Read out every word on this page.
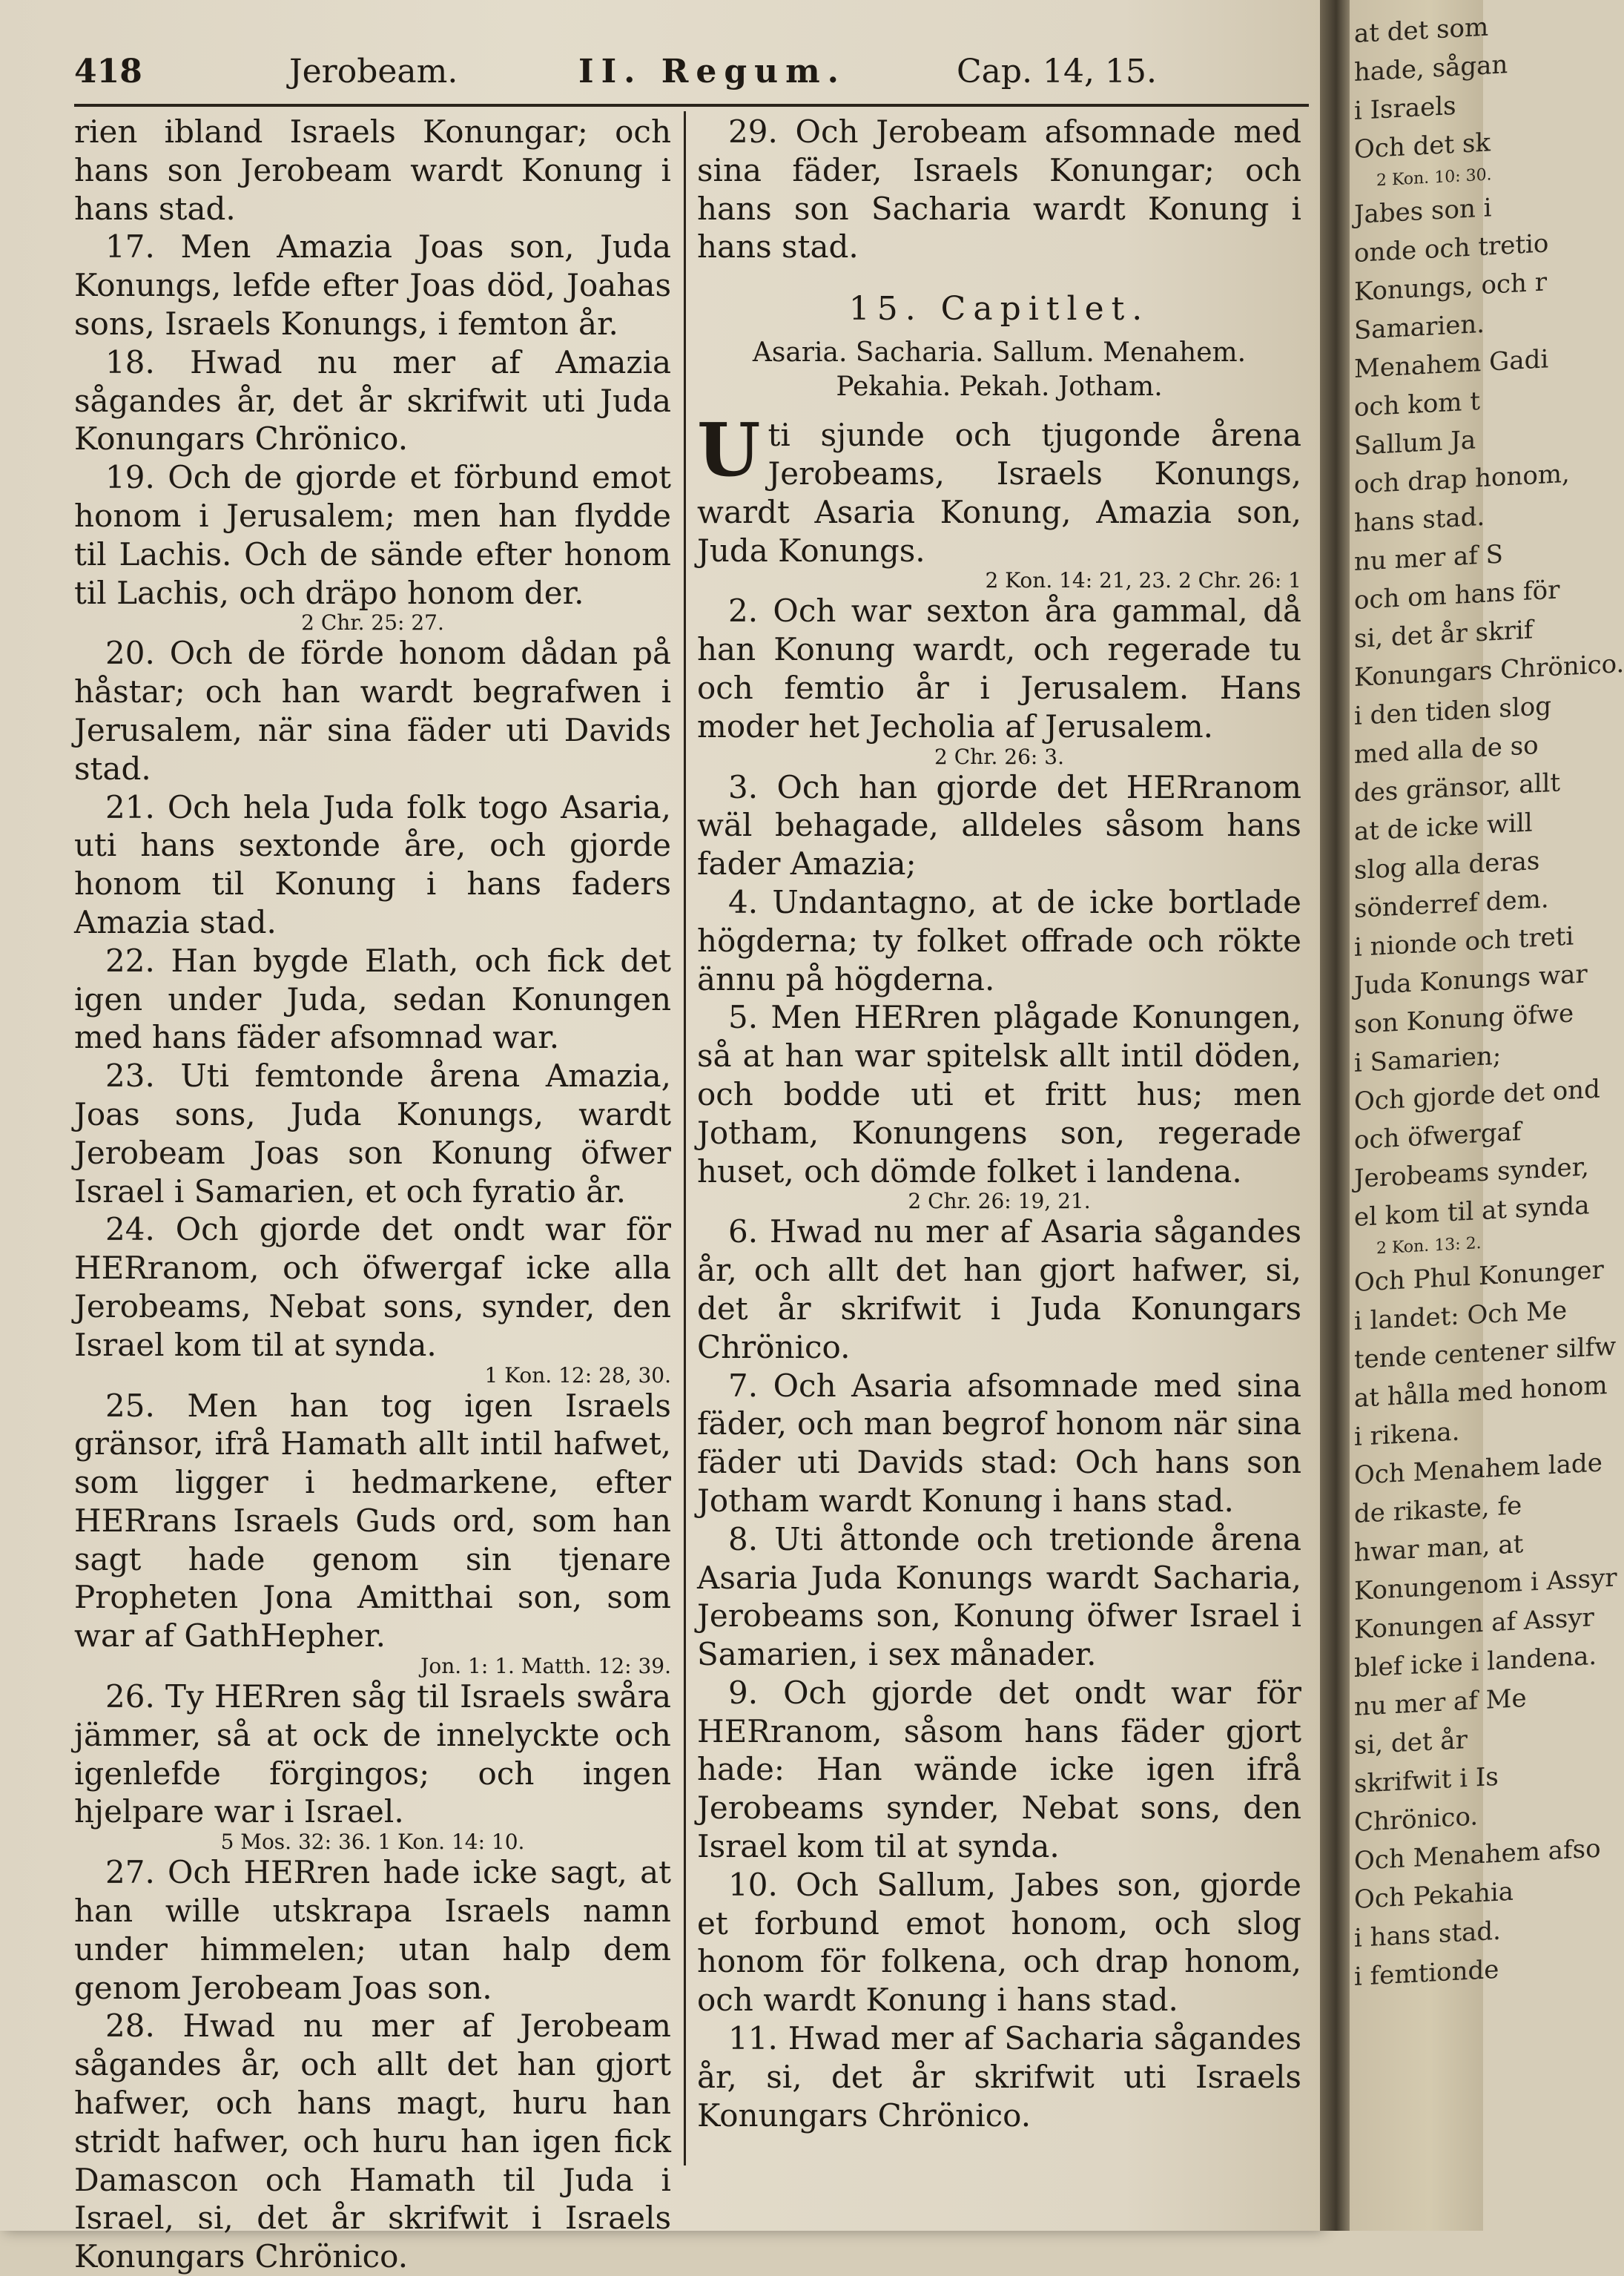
418	Jerobeam.	II. Regum.	Cap. 14, 15.

rien ibland Israels Konungar; och hans son Jerobeam wardt Konung i hans stad.

17. Men Amazia Joas son, Juda Konungs, lefde efter Joas död, Joahas sons, Israels Konungs, i femton år.

18. Hwad nu mer af Amazia sågandes år, det år skrifwit uti Juda Konungars Chrönico.

19. Och de gjorde et förbund emot honom i Jerusalem; men han flydde til Lachis. Och de sände efter honom til Lachis, och dräpo honom der.

2 Chr. 25: 27.

20. Och de förde honom dådan på håstar; och han wardt begrafwen i Jerusalem, när sina fäder uti Davids stad.

21. Och hela Juda folk togo Asaria, uti hans sextonde åre, och gjorde honom til Konung i hans faders Amazia stad.

22. Han bygde Elath, och fick det igen under Juda, sedan Konungen med hans fäder afsomnad war.

23. Uti femtonde årena Amazia, Joas sons, Juda Konungs, wardt Jerobeam Joas son Konung öfwer Israel i Samarien, et och fyratio år.

24. Och gjorde det ondt war för HERranom, och öfwergaf icke alla Jerobeams, Nebat sons, synder, den Israel kom til at synda.

1 Kon. 12: 28, 30.

25. Men han tog igen Israels gränsor, ifrå Hamath allt intil hafwet, som ligger i hedmarkene, efter HERrans Israels Guds ord, som han sagt hade genom sin tjenare Propheten Jona Amitthai son, som war af GathHepher.

Jon. 1: 1. Matth. 12: 39.

26. Ty HERren såg til Israels swåra jämmer, så at ock de innelyckte och igenlefde förgingos; och ingen hjelpare war i Israel.

5 Mos. 32: 36. 1 Kon. 14: 10.

27. Och HERren hade icke sagt, at han wille utskrapa Israels namn under himmelen; utan halp dem genom Jerobeam Joas son.

28. Hwad nu mer af Jerobeam sågandes år, och allt det han gjort hafwer, och hans magt, huru han stridt hafwer, och huru han igen fick Damascon och Hamath til Juda i Israel, si, det år skrifwit i Israels Konungars Chrönico.

29. Och Jerobeam afsomnade med sina fäder, Israels Konungar; och hans son Sacharia wardt Konung i hans stad.

15. Capitlet.
Asaria. Sacharia. Sallum. Menahem. Pekahia. Pekah. Jotham.

Uti sjunde och tjugonde årena Jerobeams, Israels Konungs, wardt Asaria Konung, Amazia son, Juda Konungs.

2 Kon. 14: 21, 23. 2 Chr. 26: 1

2. Och war sexton åra gammal, då han Konung wardt, och regerade tu och femtio år i Jerusalem. Hans moder het Jecholia af Jerusalem.

2 Chr. 26: 3.

3. Och han gjorde det HERranom wäl behagade, alldeles såsom hans fader Amazia;

4. Undantagno, at de icke bortlade högderna; ty folket offrade och rökte ännu på högderna.

5. Men HERren plågade Konungen, så at han war spitelsk allt intil döden, och bodde uti et fritt hus; men Jotham, Konungens son, regerade huset, och dömde folket i landena.

2 Chr. 26: 19, 21.

6. Hwad nu mer af Asaria sågandes år, och allt det han gjort hafwer, si, det år skrifwit i Juda Konungars Chrönico.

7. Och Asaria afsomnade med sina fäder, och man begrof honom när sina fäder uti Davids stad: Och hans son Jotham wardt Konung i hans stad.

8. Uti åttonde och tretionde årena Asaria Juda Konungs wardt Sacharia, Jerobeams son, Konung öfwer Israel i Samarien, i sex månader.

9. Och gjorde det ondt war för HERranom, såsom hans fäder gjort hade: Han wände icke igen ifrå Jerobeams synder, Nebat sons, den Israel kom til at synda.

10. Och Sallum, Jabes son, gjorde et forbund emot honom, och slog honom för folkena, och drap honom, och wardt Konung i hans stad.

11. Hwad mer af Sacharia sågandes år, si, det år skrifwit uti Israels Konungars Chrönico.

at det som
hade, sågan
i Israels
Och det sk
2 Kon. 10: 30.
Jabes son i
onde och tretio
Konungs, och r
Samarien.
Menahem Gadi
och kom t
Sallum Ja
och drap honom,
hans stad.
nu mer af S
och om hans för
si, det år skrif
Konungars Chrönico.
i den tiden slog
med alla de so
des gränsor, allt
at de icke will
slog alla deras
sönderref dem.
i nionde och treti
Juda Konungs war
son Konung öfwe
i Samarien;
Och gjorde det ond
och öfwergaf
Jerobeams synder,
el kom til at synda
2 Kon. 13: 2.
Och Phul Konunger
i landet: Och Me
tende centener silfw
at hålla med honom
i rikena.
Och Menahem lade
de rikaste, fe
hwar man, at
Konungenom i Assyr
Konungen af Assyr
blef icke i landena.
nu mer af Me
si, det år
skrifwit i Is
Chrönico.
Och Menahem afso
Och Pekahia
i hans stad.
i femtionde
